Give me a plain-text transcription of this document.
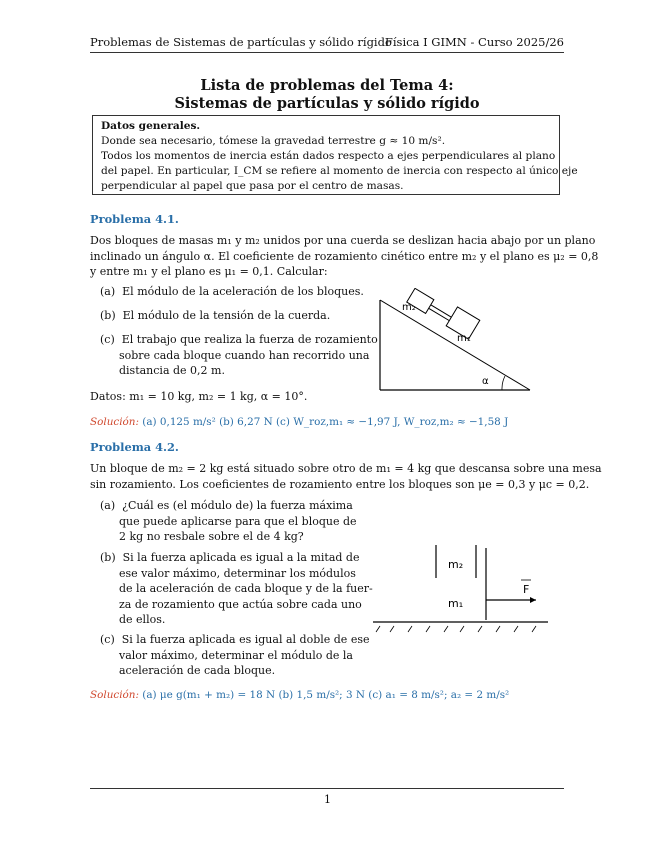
Problemas de Sistemas de partículas y sólido rígido
Física I GIMN - Curso 2025/26
Lista de problemas del Tema 4:
Sistemas de partículas y sólido rígido
Datos generales.
Donde sea necesario, tómese la gravedad terrestre g ≈ 10 m/s².
Todos los momentos de inercia están dados respecto a ejes perpendiculares al plano
del papel. En particular, I_CM se refiere al momento de inercia con respecto al único eje
perpendicular al papel que pasa por el centro de masas.
Problema 4.1.
Dos bloques de masas m₁ y m₂ unidos por una cuerda se deslizan hacia abajo por un plano
inclinado un ángulo α. El coeficiente de rozamiento cinético entre m₂ y el plano es μ₂ = 0,8
y entre m₁ y el plano es μ₁ = 0,1. Calcular:
(a) El módulo de la aceleración de los bloques.
(b) El módulo de la tensión de la cuerda.
(c) El trabajo que realiza la fuerza de rozamiento
sobre cada bloque cuando han recorrido una
distancia de 0,2 m.
Datos: m₁ = 10 kg, m₂ = 1 kg, α = 10°.
m₂
m₁
α
Solución: (a) 0,125 m/s² (b) 6,27 N (c) W_roz,m₁ ≈ −1,97 J, W_roz,m₂ ≈ −1,58 J
Problema 4.2.
Un bloque de m₂ = 2 kg está situado sobre otro de m₁ = 4 kg que descansa sobre una mesa
sin rozamiento. Los coeficientes de rozamiento entre los bloques son μe = 0,3 y μc = 0,2.
(a) ¿Cuál es (el módulo de) la fuerza máxima
que puede aplicarse para que el bloque de
2 kg no resbale sobre el de 4 kg?
(b) Si la fuerza aplicada es igual a la mitad de
ese valor máximo, determinar los módulos
de la aceleración de cada bloque y de la fuer-
za de rozamiento que actúa sobre cada uno
de ellos.
(c) Si la fuerza aplicada es igual al doble de ese
valor máximo, determinar el módulo de la
aceleración de cada bloque.
m₂
m₁
F
Solución: (a) μe g(m₁ + m₂) = 18 N (b) 1,5 m/s²; 3 N (c) a₁ = 8 m/s²; a₂ = 2 m/s²
1
